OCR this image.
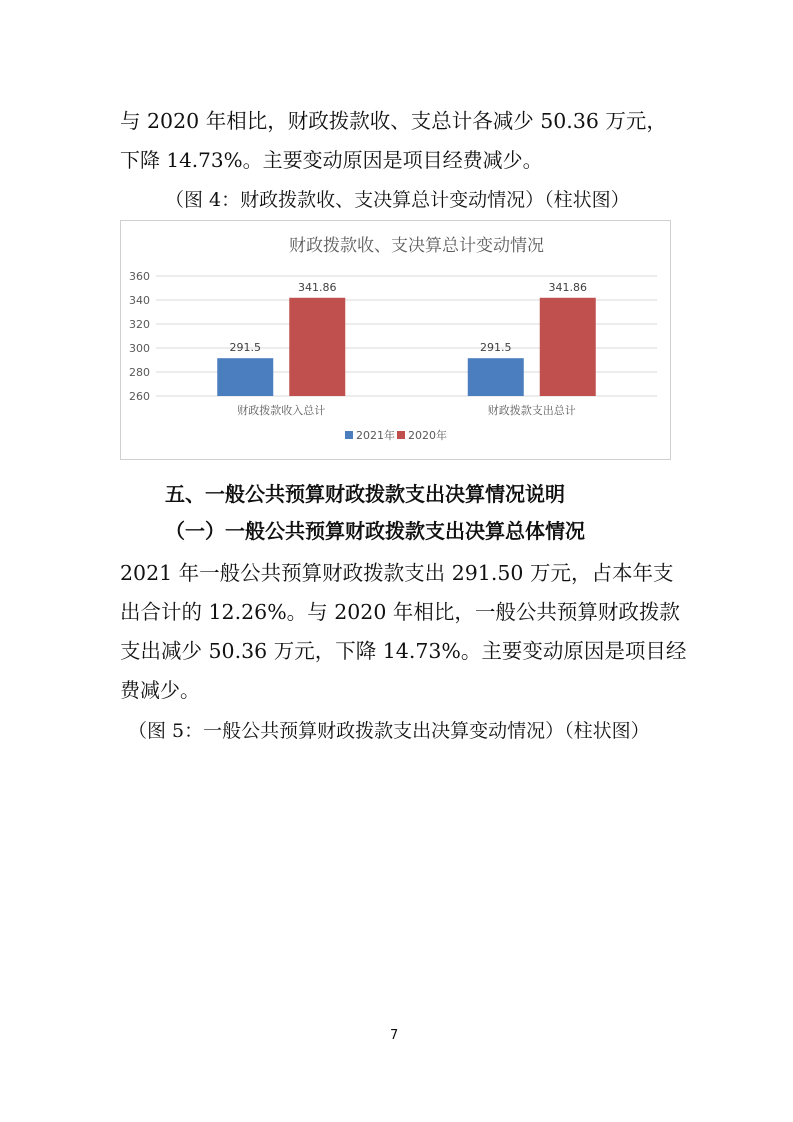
与 2020 年相比，财政拨款收、支总计各减少 50.36 万元，
下降 14.73%。主要变动原因是项目经费减少。
（图 4：财政拨款收、支决算总计变动情况）（柱状图）
财政拨款收、支决算总计变动情况
260
280
300
320
340
360
291.5
341.86
财政拨款收入总计
291.5
341.86
财政拨款支出总计
2021年 2020年
五、一般公共预算财政拨款支出决算情况说明
（一）一般公共预算财政拨款支出决算总体情况
2021 年一般公共预算财政拨款支出 291.50 万元，占本年支
出合计的 12.26%。与 2020 年相比，一般公共预算财政拨款
支出减少 50.36 万元，下降 14.73%。主要变动原因是项目经
费减少。
（图 5：一般公共预算财政拨款支出决算变动情况）（柱状图）
7
